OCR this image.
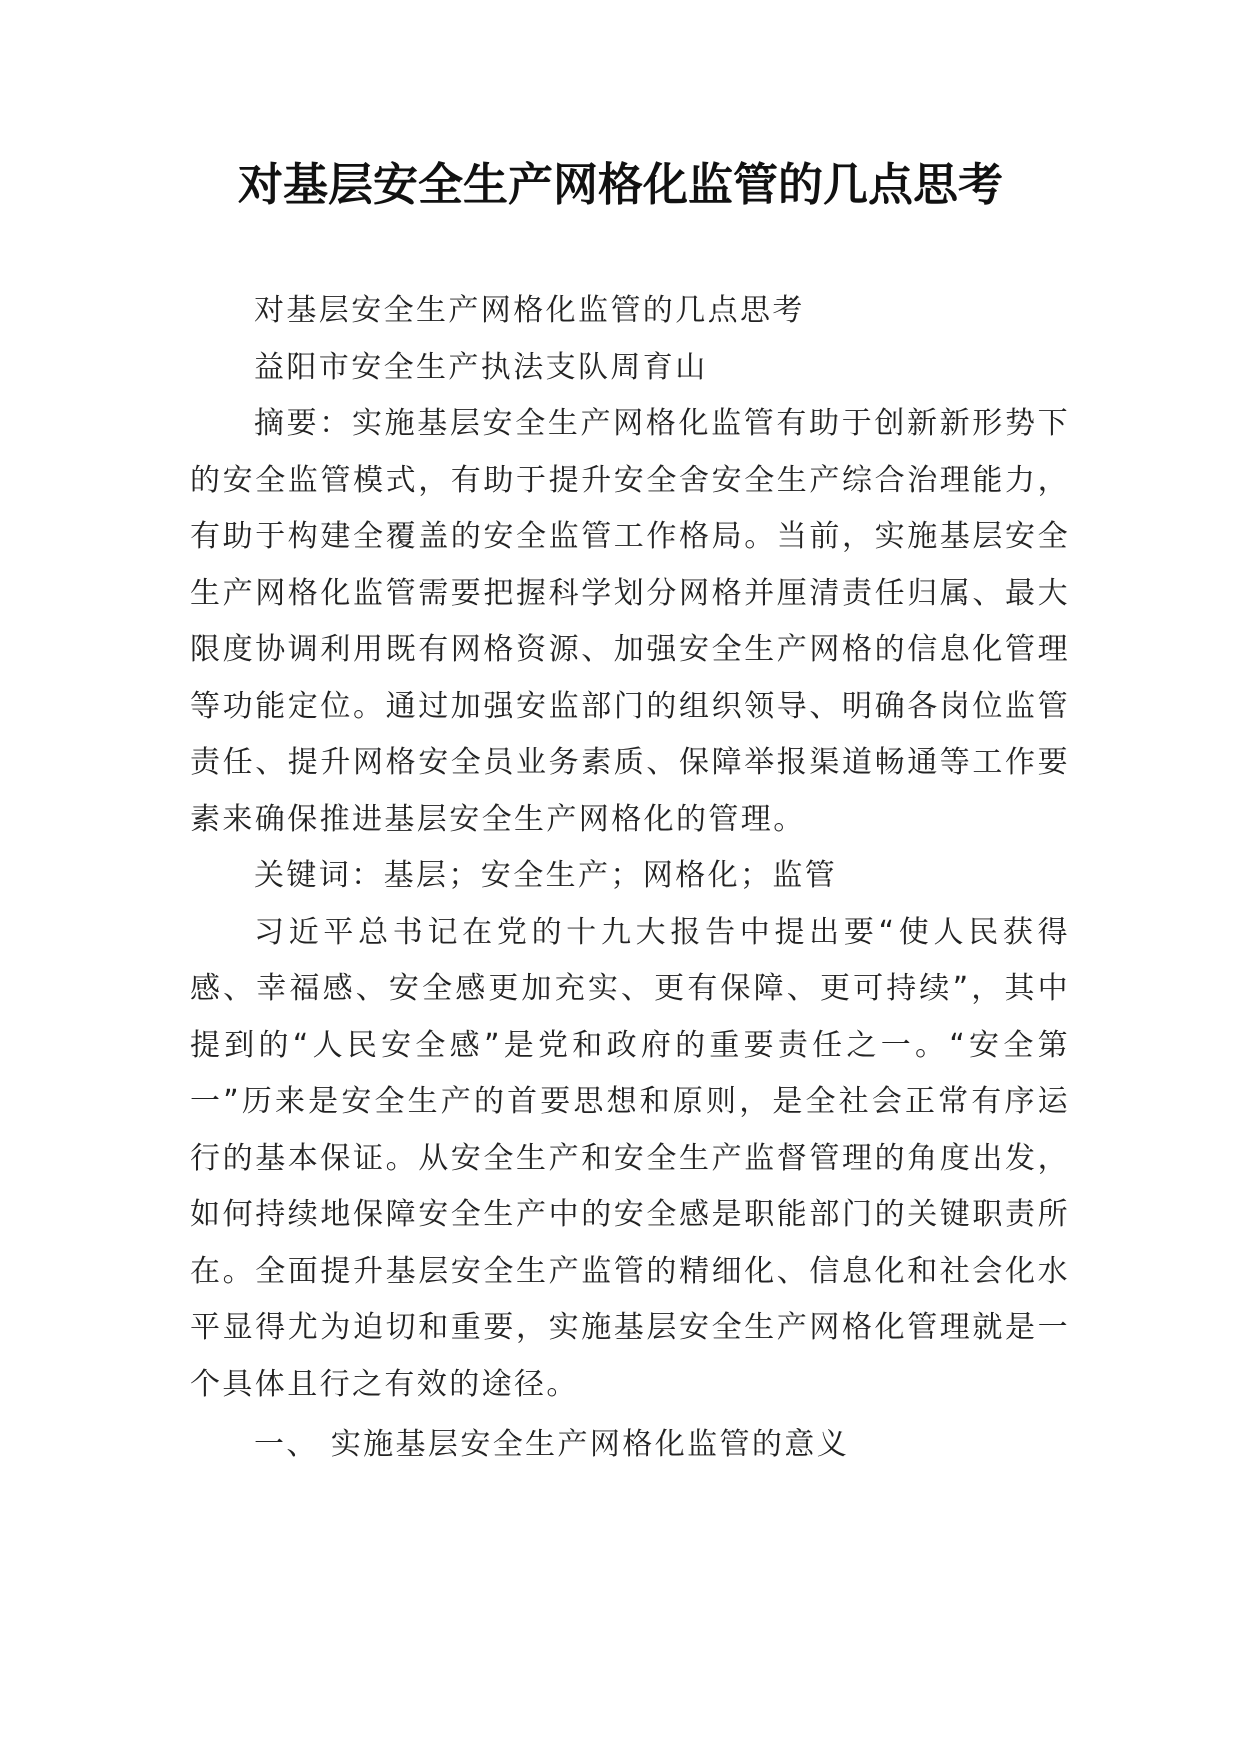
对基层安全生产网格化监管的几点思考

对基层安全生产网格化监管的几点思考

益阳市安全生产执法支队周育山

摘要：实施基层安全生产网格化监管有助于创新新形势下的安全监管模式，有助于提升安全舍安全生产综合治理能力，有助于构建全覆盖的安全监管工作格局。当前，实施基层安全生产网格化监管需要把握科学划分网格并厘清责任归属、最大限度协调利用既有网格资源、加强安全生产网格的信息化管理等功能定位。通过加强安监部门的组织领导、明确各岗位监管责任、提升网格安全员业务素质、保障举报渠道畅通等工作要素来确保推进基层安全生产网格化的管理。

关键词：基层；安全生产；网格化；监管

习近平总书记在党的十九大报告中提出要“使人民获得感、幸福感、安全感更加充实、更有保障、更可持续”，其中提到的“人民安全感”是党和政府的重要责任之一。“安全第一”历来是安全生产的首要思想和原则，是全社会正常有序运行的基本保证。从安全生产和安全生产监督管理的角度出发，如何持续地保障安全生产中的安全感是职能部门的关键职责所在。全面提升基层安全生产监管的精细化、信息化和社会化水平显得尤为迫切和重要，实施基层安全生产网格化管理就是一个具体且行之有效的途径。

一、 实施基层安全生产网格化监管的意义
